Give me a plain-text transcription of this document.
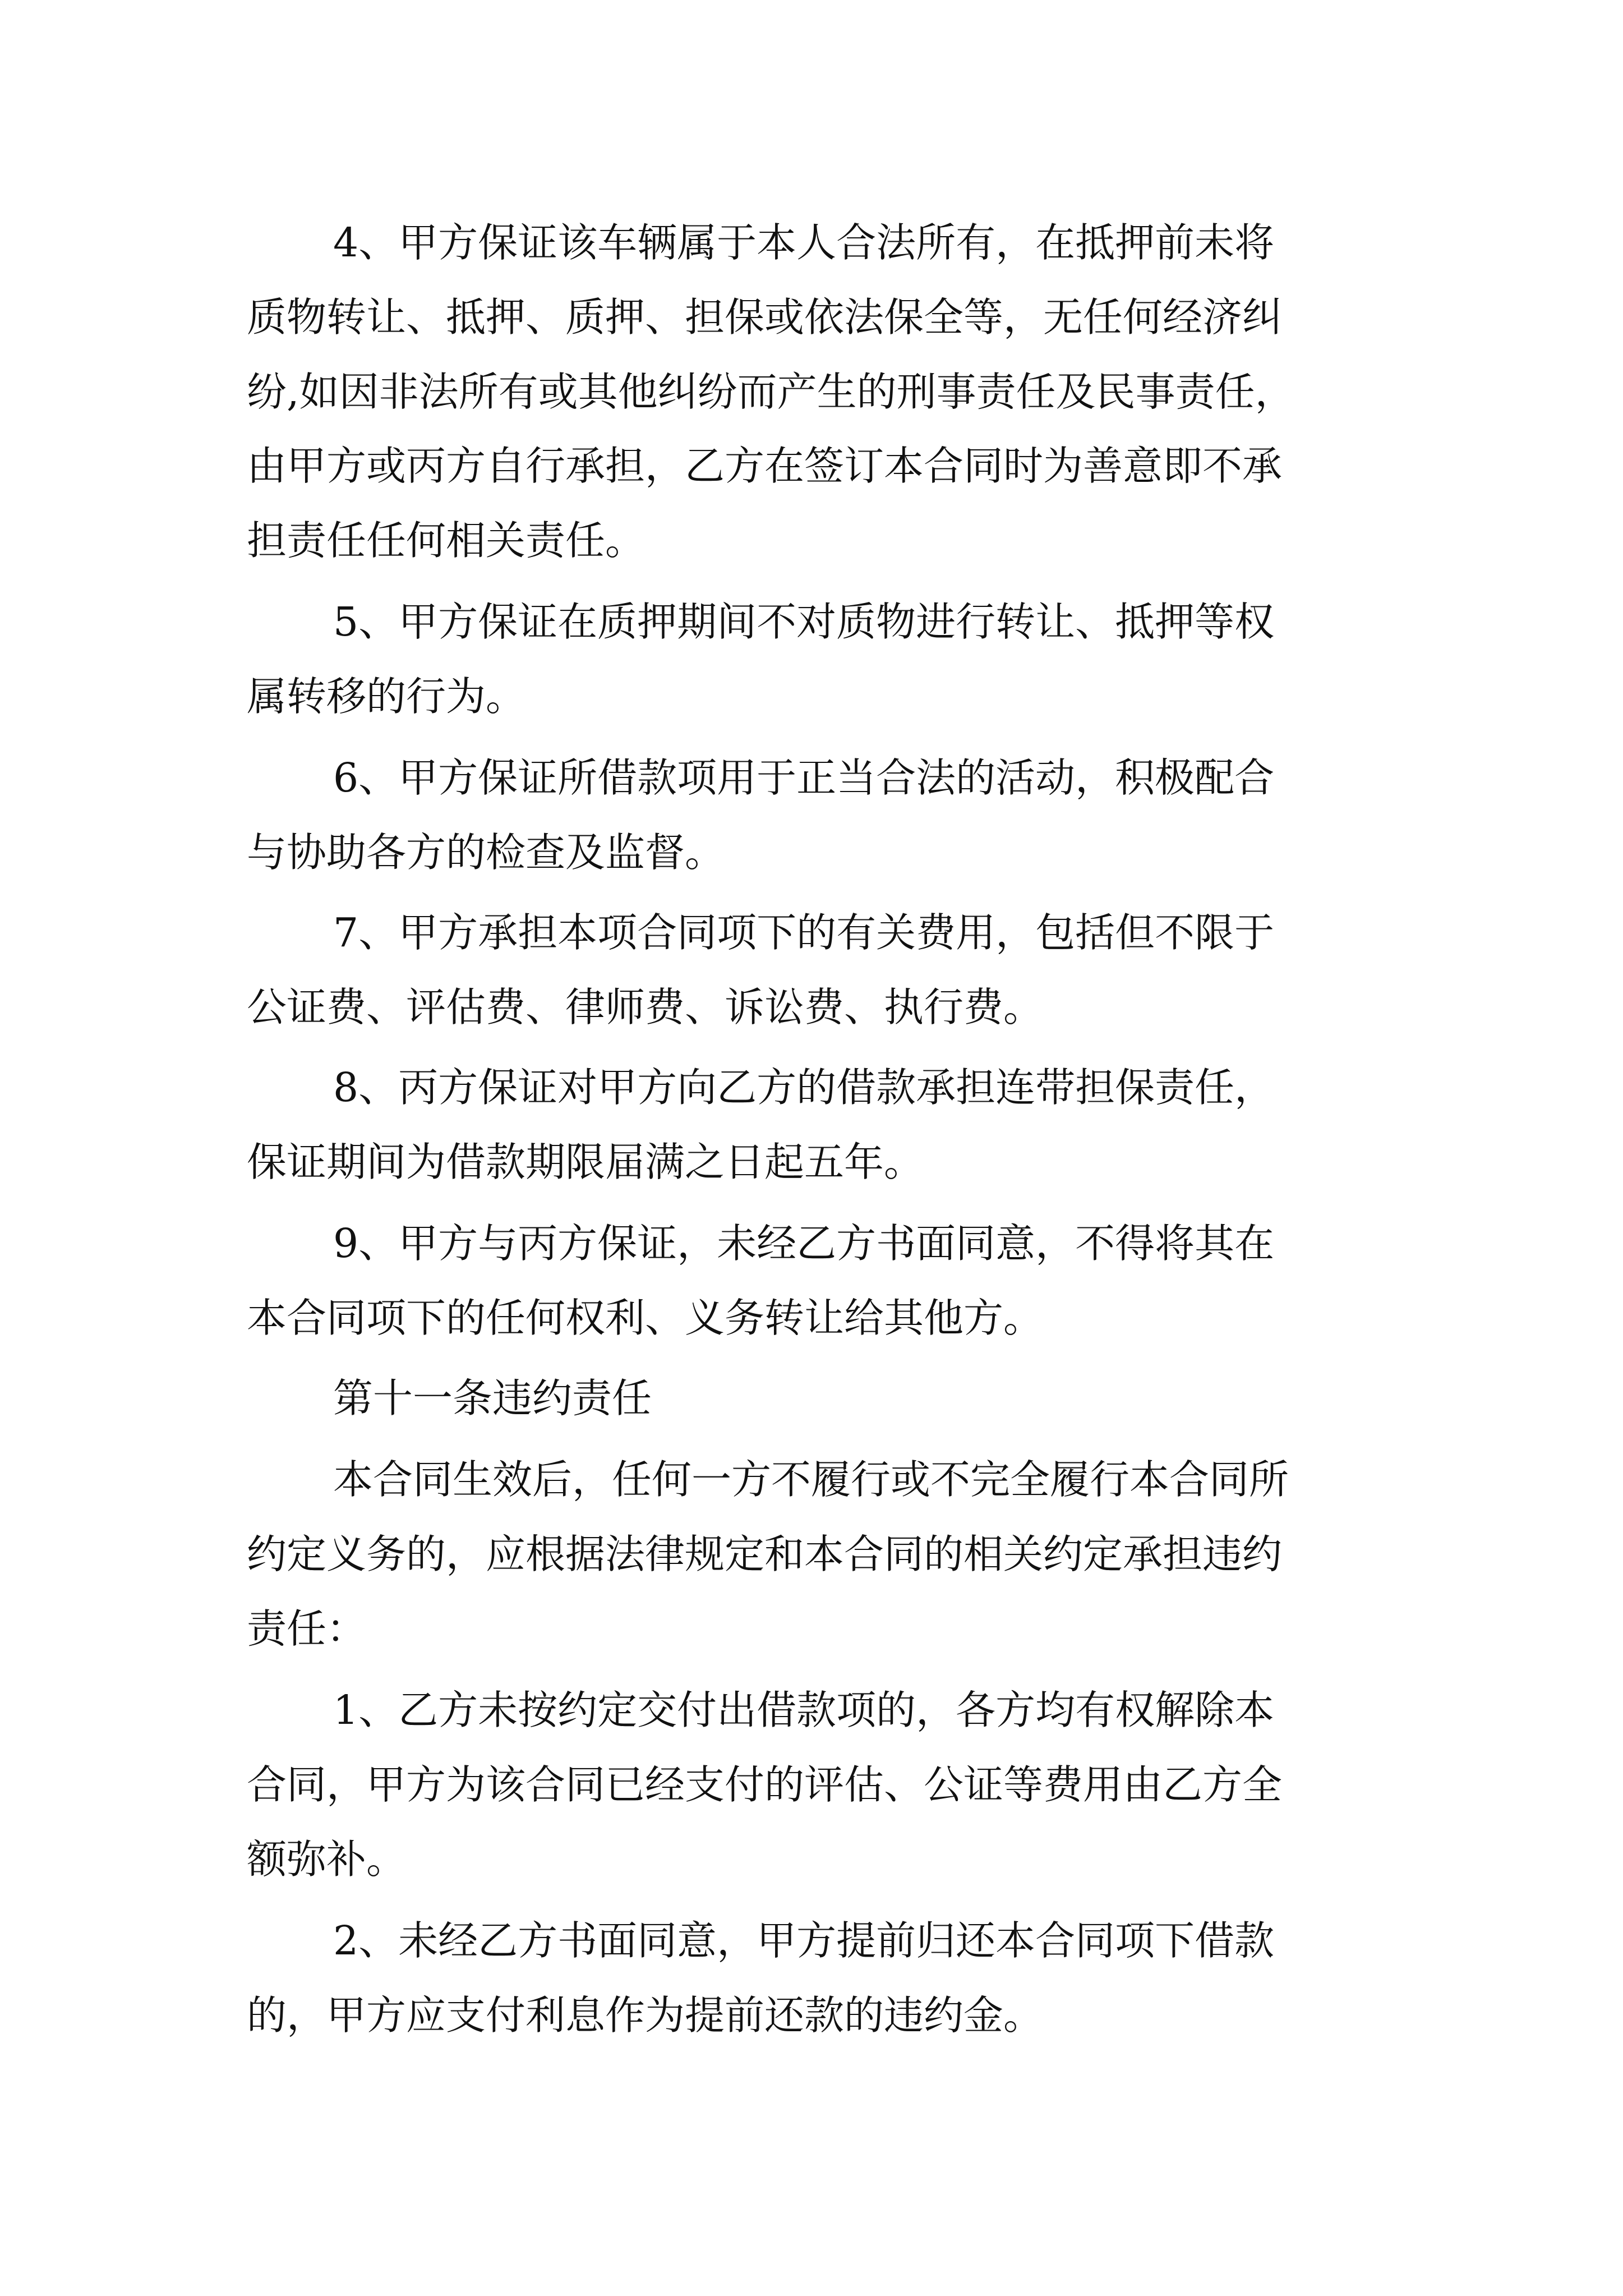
4、甲方保证该车辆属于本人合法所有，在抵押前未将

质物转让、抵押、质押、担保或依法保全等，无任何经济纠

纷,如因非法所有或其他纠纷而产生的刑事责任及民事责任，

由甲方或丙方自行承担，乙方在签订本合同时为善意即不承

担责任任何相关责任。

5、甲方保证在质押期间不对质物进行转让、抵押等权

属转移的行为。

6、甲方保证所借款项用于正当合法的活动，积极配合

与协助各方的检查及监督。

7、甲方承担本项合同项下的有关费用，包括但不限于

公证费、评估费、律师费、诉讼费、执行费。

8、丙方保证对甲方向乙方的借款承担连带担保责任，

保证期间为借款期限届满之日起五年。

9、甲方与丙方保证，未经乙方书面同意，不得将其在

本合同项下的任何权利、义务转让给其他方。

第十一条违约责任

本合同生效后，任何一方不履行或不完全履行本合同所

约定义务的，应根据法律规定和本合同的相关约定承担违约

责任：

1、乙方未按约定交付出借款项的，各方均有权解除本

合同，甲方为该合同已经支付的评估、公证等费用由乙方全

额弥补。

2、未经乙方书面同意，甲方提前归还本合同项下借款

的，甲方应支付利息作为提前还款的违约金。
